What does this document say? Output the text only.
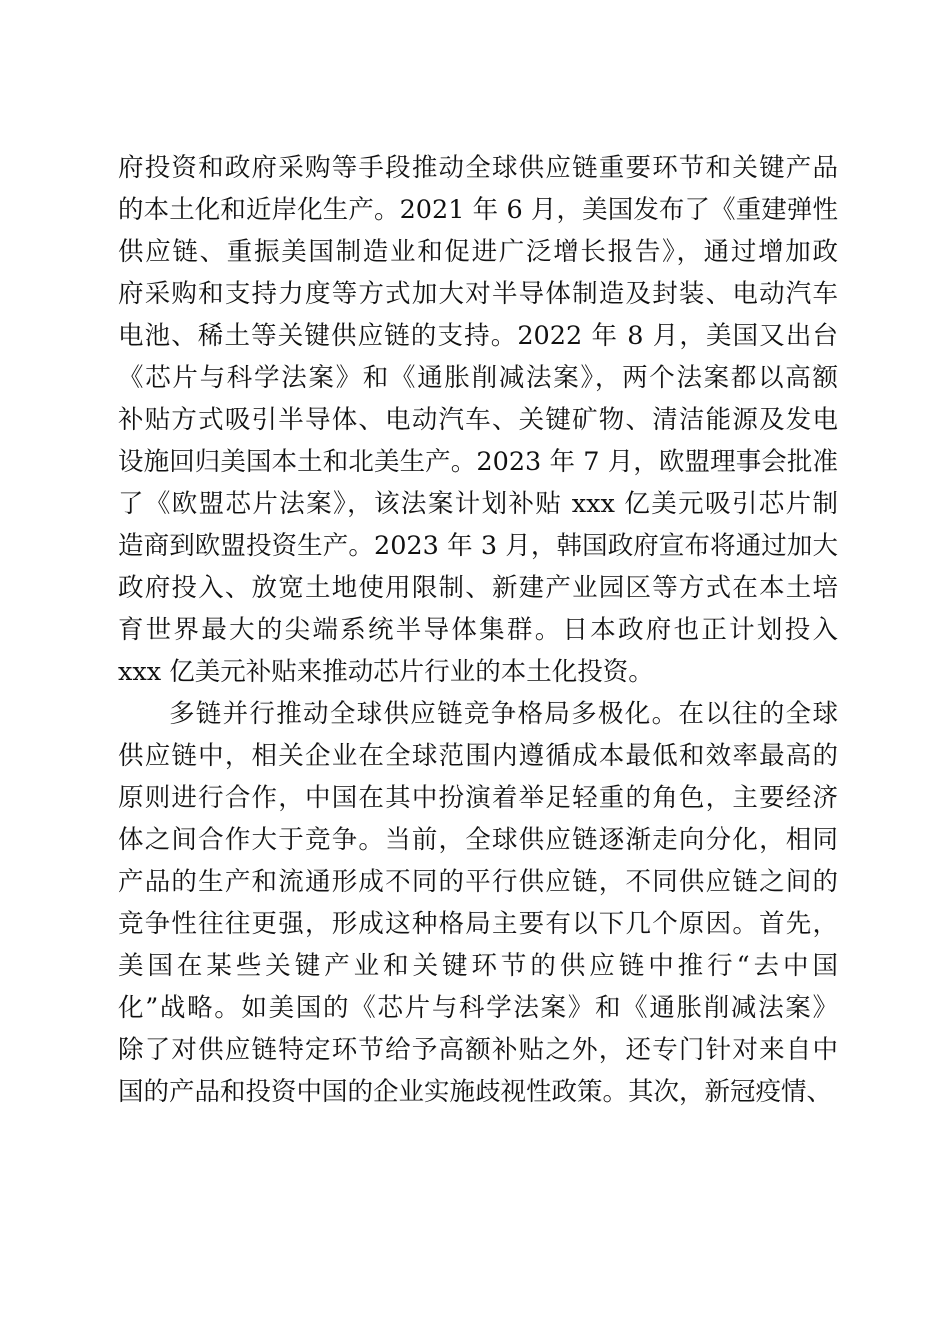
府投资和政府采购等手段推动全球供应链重要环节和关键产品
的本土化和近岸化生产。2021 年 6 月，美国发布了《重建弹性
供应链、重振美国制造业和促进广泛增长报告》，通过增加政
府采购和支持力度等方式加大对半导体制造及封装、电动汽车
电池、稀土等关键供应链的支持。2022 年 8 月，美国又出台
《芯片与科学法案》和《通胀削减法案》，两个法案都以高额
补贴方式吸引半导体、电动汽车、关键矿物、清洁能源及发电
设施回归美国本土和北美生产。2023 年 7 月，欧盟理事会批准
了《欧盟芯片法案》，该法案计划补贴 xxx 亿美元吸引芯片制
造商到欧盟投资生产。2023 年 3 月，韩国政府宣布将通过加大
政府投入、放宽土地使用限制、新建产业园区等方式在本土培
育世界最大的尖端系统半导体集群。日本政府也正计划投入
xxx 亿美元补贴来推动芯片行业的本土化投资。
多链并行推动全球供应链竞争格局多极化。在以往的全球
供应链中，相关企业在全球范围内遵循成本最低和效率最高的
原则进行合作，中国在其中扮演着举足轻重的角色，主要经济
体之间合作大于竞争。当前，全球供应链逐渐走向分化，相同
产品的生产和流通形成不同的平行供应链，不同供应链之间的
竞争性往往更强，形成这种格局主要有以下几个原因。首先，
美国在某些关键产业和关键环节的供应链中推行“去中国
化”战略。如美国的《芯片与科学法案》和《通胀削减法案》
除了对供应链特定环节给予高额补贴之外，还专门针对来自中
国的产品和投资中国的企业实施歧视性政策。其次，新冠疫情、
